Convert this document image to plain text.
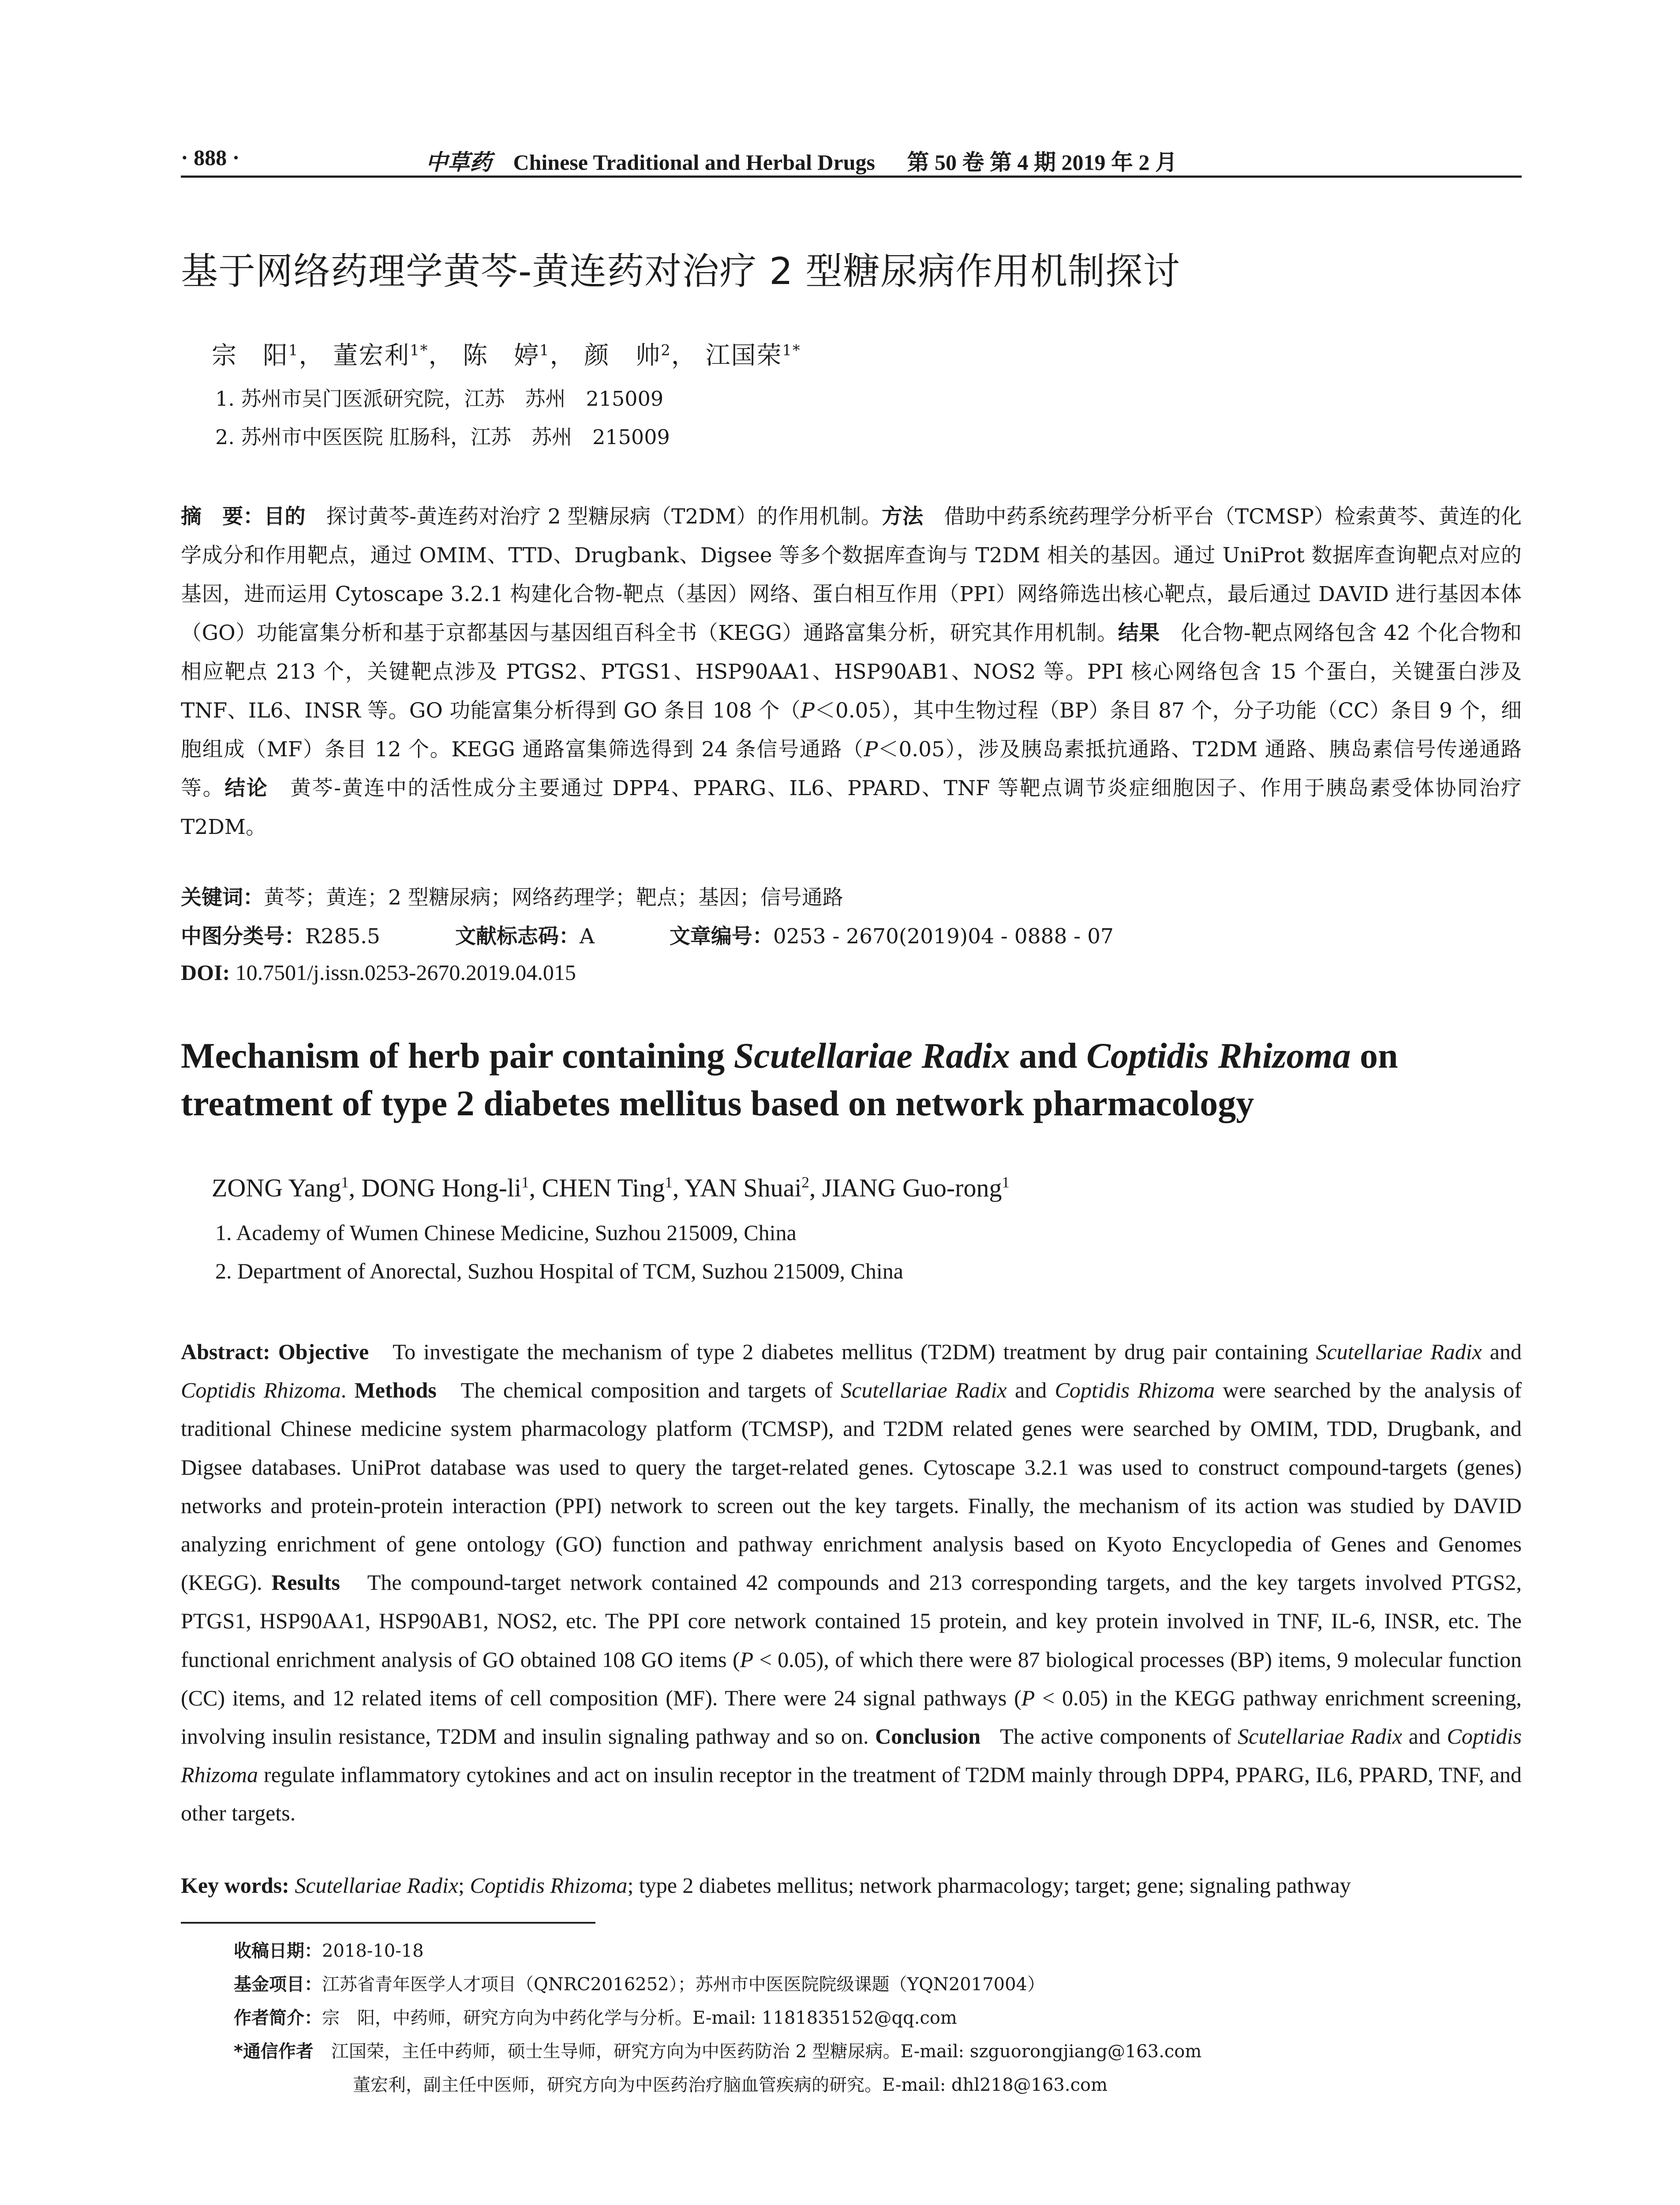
· 888 ·	中草药 Chinese Traditional and Herbal Drugs 第 50 卷 第 4 期 2019 年 2 月
基于网络药理学黄芩-黄连药对治疗 2 型糖尿病作用机制探讨
宗　阳$^1$， 董宏利$^{1*}$， 陈　婷$^1$， 颜　帅$^2$， 江国荣$^{1*}$
1. 苏州市吴门医派研究院，江苏　苏州　215009
2. 苏州市中医医院 肛肠科，江苏　苏州　215009
摘　要：目的　 探讨黄芩-黄连药对治疗 2 型糖尿病（T2DM）的作用机制。方法　 借助中药系统药理学分析平台（TCMSP）检索黄芩、黄连的化学成分和作用靶点，通过 OMIM、TTD、Drugbank、Digsee 等多个数据库查询与 T2DM 相关的基因。通过 UniProt 数据库查询靶点对应的基因，进而运用 Cytoscape 3.2.1 构建化合物-靶点（基因）网络、蛋白相互作用（PPI）网络筛选出核心靶点，最后通过 DAVID 进行基因本体（GO）功能富集分析和基于京都基因与基因组百科全书（KEGG）通路富集分析，研究其作用机制。结果　 化合物-靶点网络包含 42 个化合物和相应靶点 213 个，关键靶点涉及 PTGS2、PTGS1、HSP90AA1、HSP90AB1、NOS2 等。PPI 核心网络包含 15 个蛋白，关键蛋白涉及 TNF、IL6、INSR 等。GO 功能富集分析得到 GO 条目 108 个（P＜0.05），其中生物过程（BP）条目 87 个，分子功能（CC）条目 9 个，细胞组成（MF）条目 12 个。KEGG 通路富集筛选得到 24 条信号通路（P＜0.05），涉及胰岛素抵抗通路、T2DM 通路、胰岛素信号传递通路等。结论　 黄芩-黄连中的活性成分主要通过 DPP4、PPARG、IL6、PPARD、TNF 等靶点调节炎症细胞因子、作用于胰岛素受体协同治疗 T2DM。
关键词：黄芩；黄连；2 型糖尿病；网络药理学；靶点；基因；信号通路
中图分类号：R285.5	文献标志码：A	文章编号：0253 - 2670(2019)04 - 0888 - 07
DOI: 10.7501/j.issn.0253-2670.2019.04.015
Mechanism of herb pair containing Scutellariae Radix and Coptidis Rhizoma on treatment of type 2 diabetes mellitus based on network pharmacology
ZONG Yang$^1$, DONG Hong-$li^1$, CHEN Ting$^1$, YAN Shuai$^2$, JIANG Guo-rong$^1$
1. Academy of Wumen Chinese Medicine, Suzhou 215009, China
2. Department of Anorectal, Suzhou Hospital of TCM, Suzhou 215009, China
Abstract: Objective To investigate the mechanism of type 2 diabetes mellitus (T2DM) treatment by drug pair containing Scutellariae Radix and Coptidis Rhizoma. Methods The chemical composition and targets of Scutellariae Radix and Coptidis Rhizoma were searched by the analysis of traditional Chinese medicine system pharmacology platform (TCMSP), and T2DM related genes were searched by OMIM, TDD, Drugbank, and Digsee databases. UniProt database was used to query the target-related genes. Cytoscape 3.2.1 was used to construct compound-targets (genes) networks and protein-protein interaction (PPI) network to screen out the key targets. Finally, the mechanism of its action was studied by DAVID analyzing enrichment of gene ontology (GO) function and pathway enrichment analysis based on Kyoto Encyclopedia of Genes and Genomes (KEGG). Results The compound-target network contained 42 compounds and 213 corresponding targets, and the key targets involved PTGS2, PTGS1, HSP90AA1, HSP90AB1, NOS2, etc. The PPI core network contained 15 protein, and key protein involved in TNF, IL-6, INSR, etc. The functional enrichment analysis of GO obtained 108 GO items (P < 0.05), of which there were 87 biological processes (BP) items, 9 molecular function (CC) items, and 12 related items of cell composition (MF). There were 24 signal pathways (P < 0.05) in the KEGG pathway enrichment screening, involving insulin resistance, T2DM and insulin signaling pathway and so on. Conclusion The active components of Scutellariae Radix and Coptidis Rhizoma regulate inflammatory cytokines and act on insulin receptor in the treatment of T2DM mainly through DPP4, PPARG, IL6, PPARD, TNF, and other targets.
Key words: Scutellariae Radix; Coptidis Rhizoma; type 2 diabetes mellitus; network pharmacology; target; gene; signaling pathway
收稿日期：2018-10-18
基金项目：江苏省青年医学人才项目（QNRC2016252）；苏州市中医医院院级课题（YQN2017004）
作者简介：宗　阳，中药师，研究方向为中药化学与分析。E-mail: 1181835152@qq.com
*通信作者　 江国荣，主任中药师，硕士生导师，研究方向为中医药防治 2 型糖尿病。E-mail: szguorongjiang@163.com
董宏利，副主任中医师，研究方向为中医药治疗脑血管疾病的研究。E-mail: dhl218@163.com
